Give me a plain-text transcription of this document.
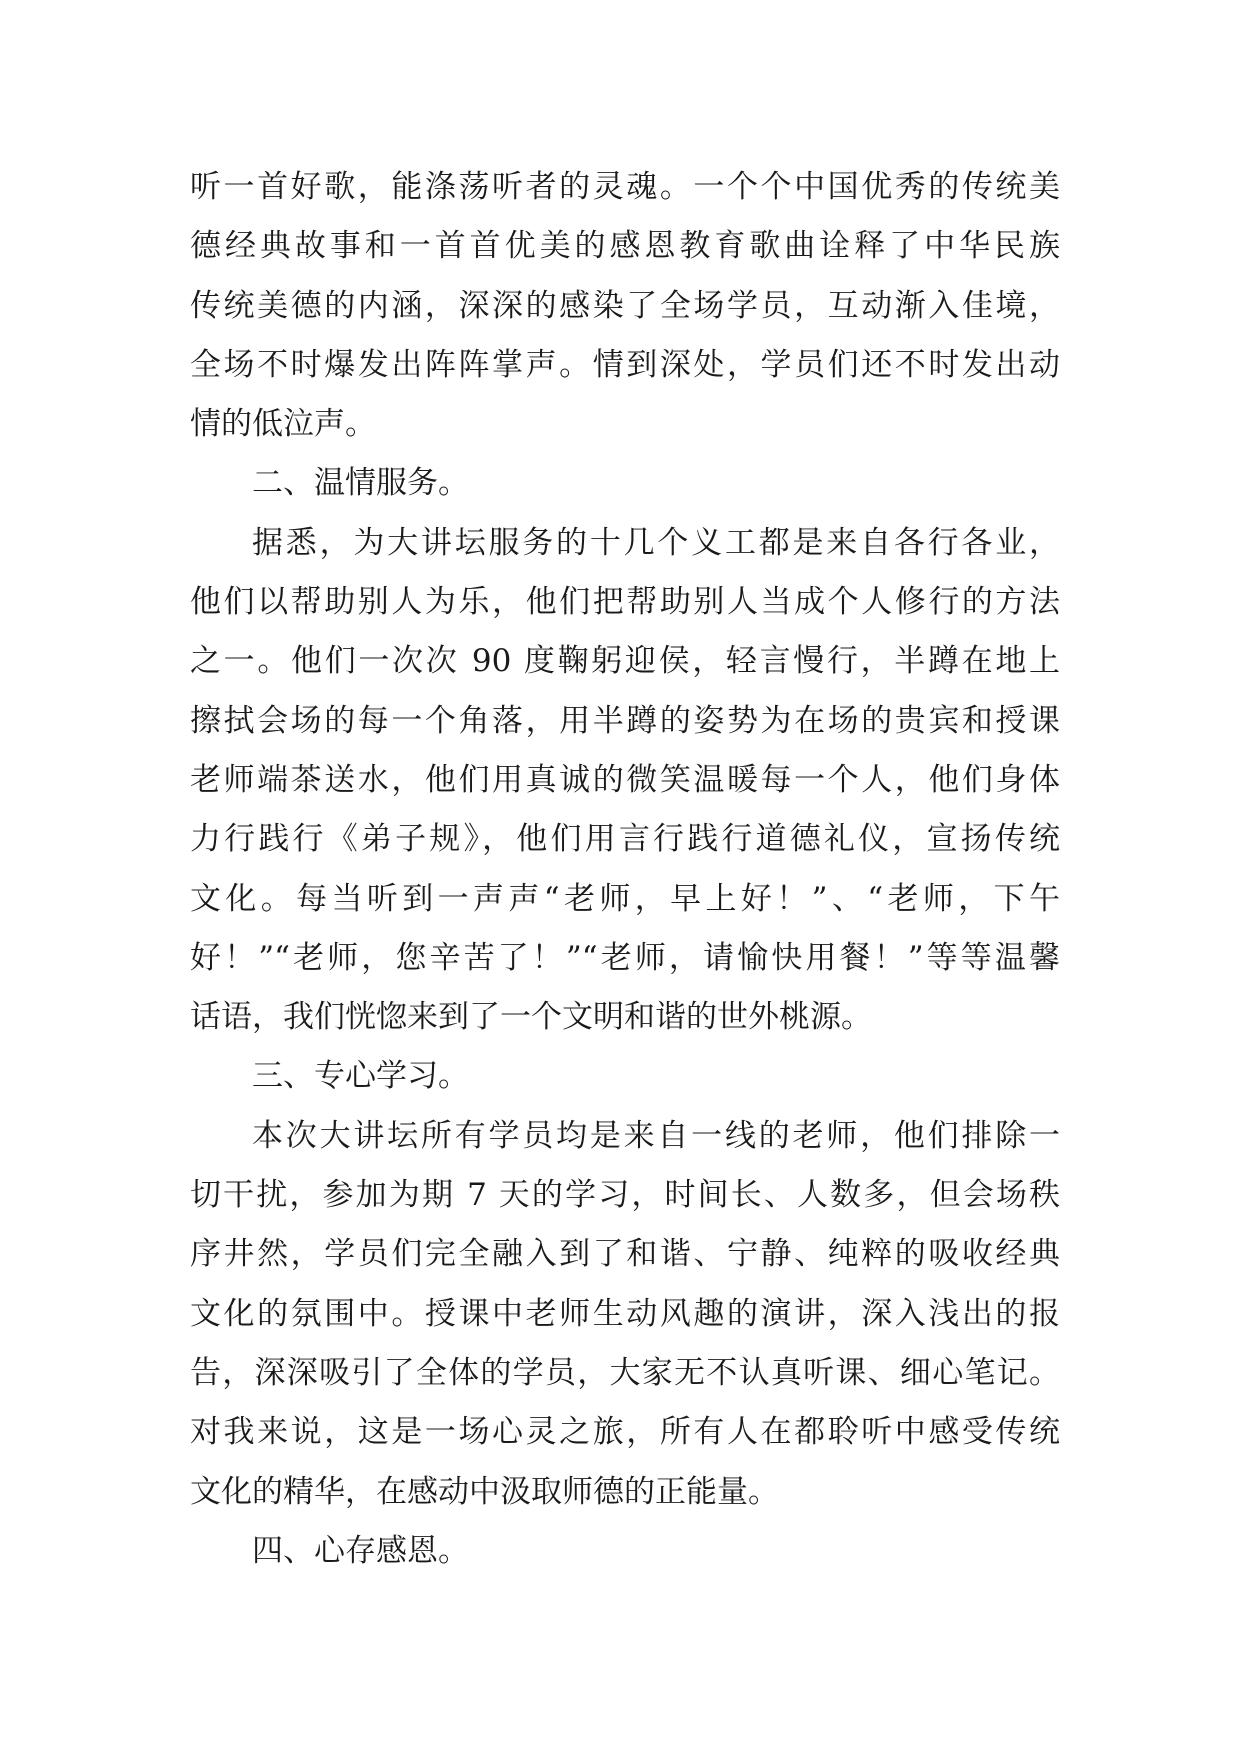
听一首好歌，能涤荡听者的灵魂。一个个中国优秀的传统美
德经典故事和一首首优美的感恩教育歌曲诠释了中华民族
传统美德的内涵，深深的感染了全场学员，互动渐入佳境，
全场不时爆发出阵阵掌声。情到深处，学员们还不时发出动
情的低泣声。
二、温情服务。
据悉，为大讲坛服务的十几个义工都是来自各行各业，
他们以帮助别人为乐，他们把帮助别人当成个人修行的方法
之一。他们一次次 90 度鞠躬迎侯，轻言慢行，半蹲在地上
擦拭会场的每一个角落，用半蹲的姿势为在场的贵宾和授课
老师端茶送水，他们用真诚的微笑温暖每一个人，他们身体
力行践行《弟子规》，他们用言行践行道德礼仪，宣扬传统
文化。每当听到一声声“老师，早上好！”、“老师，下午
好！”“老师，您辛苦了！”“老师，请愉快用餐！”等等温馨
话语，我们恍惚来到了一个文明和谐的世外桃源。
三、专心学习。
本次大讲坛所有学员均是来自一线的老师，他们排除一
切干扰，参加为期 7 天的学习，时间长、人数多，但会场秩
序井然，学员们完全融入到了和谐、宁静、纯粹的吸收经典
文化的氛围中。授课中老师生动风趣的演讲，深入浅出的报
告，深深吸引了全体的学员，大家无不认真听课、细心笔记。
对我来说，这是一场心灵之旅，所有人在都聆听中感受传统
文化的精华，在感动中汲取师德的正能量。
四、心存感恩。
